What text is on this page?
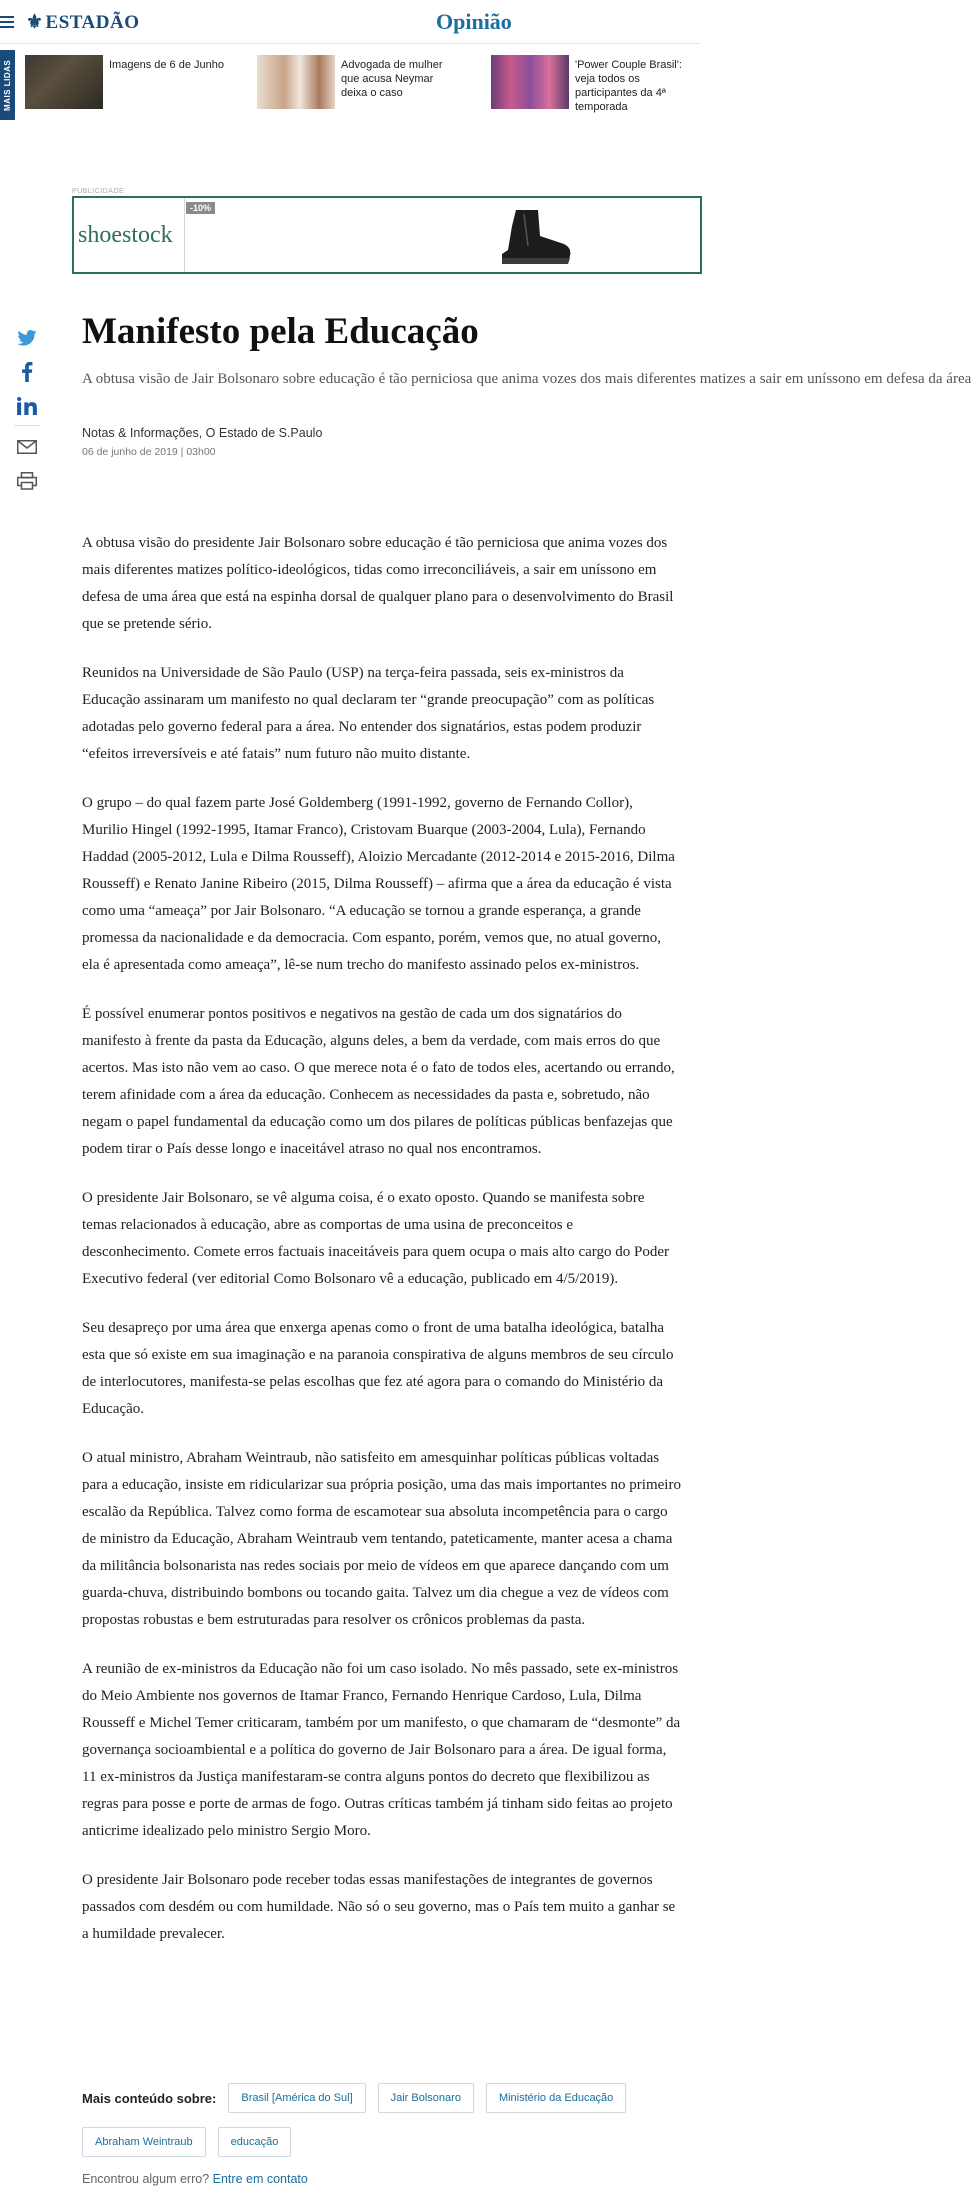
⚜ ESTADÃO	Opinião
MAIS LIDAS	Imagens de 6 de Junho	Advogada de mulher que acusa Neymar deixa o caso
'Power Couple Brasil': veja todos os participantes da 4ª temporada
PUBLICIDADE
shoestock
-10%
Manifesto pela Educação
A obtusa visão de Jair Bolsonaro sobre educação é tão perniciosa que anima vozes dos mais diferentes matizes a sair em uníssono em defesa da área
Notas & Informações, O Estado de S.Paulo
06 de junho de 2019 | 03h00

A obtusa visão do presidente Jair Bolsonaro sobre educação é tão perniciosa que anima vozes dos mais diferentes matizes político-ideológicos, tidas como irreconciliáveis, a sair em uníssono em defesa de uma área que está na espinha dorsal de qualquer plano para o desenvolvimento do Brasil que se pretende sério.

Reunidos na Universidade de São Paulo (USP) na terça-feira passada, seis ex-ministros da Educação assinaram um manifesto no qual declaram ter “grande preocupação” com as políticas adotadas pelo governo federal para a área. No entender dos signatários, estas podem produzir “efeitos irreversíveis e até fatais” num futuro não muito distante.

O grupo – do qual fazem parte José Goldemberg (1991-1992, governo de Fernando Collor), Murilio Hingel (1992-1995, Itamar Franco), Cristovam Buarque (2003-2004, Lula), Fernando Haddad (2005-2012, Lula e Dilma Rousseff), Aloizio Mercadante (2012-2014 e 2015-2016, Dilma Rousseff) e Renato Janine Ribeiro (2015, Dilma Rousseff) – afirma que a área da educação é vista como uma “ameaça” por Jair Bolsonaro. “A educação se tornou a grande esperança, a grande promessa da nacionalidade e da democracia. Com espanto, porém, vemos que, no atual governo, ela é apresentada como ameaça”, lê-se num trecho do manifesto assinado pelos ex-ministros.

É possível enumerar pontos positivos e negativos na gestão de cada um dos signatários do manifesto à frente da pasta da Educação, alguns deles, a bem da verdade, com mais erros do que acertos. Mas isto não vem ao caso. O que merece nota é o fato de todos eles, acertando ou errando, terem afinidade com a área da educação. Conhecem as necessidades da pasta e, sobretudo, não negam o papel fundamental da educação como um dos pilares de políticas públicas benfazejas que podem tirar o País desse longo e inaceitável atraso no qual nos encontramos.

O presidente Jair Bolsonaro, se vê alguma coisa, é o exato oposto. Quando se manifesta sobre temas relacionados à educação, abre as comportas de uma usina de preconceitos e desconhecimento. Comete erros factuais inaceitáveis para quem ocupa o mais alto cargo do Poder Executivo federal (ver editorial Como Bolsonaro vê a educação, publicado em 4/5/2019).

Seu desapreço por uma área que enxerga apenas como o front de uma batalha ideológica, batalha esta que só existe em sua imaginação e na paranoia conspirativa de alguns membros de seu círculo de interlocutores, manifesta-se pelas escolhas que fez até agora para o comando do Ministério da Educação.

O atual ministro, Abraham Weintraub, não satisfeito em amesquinhar políticas públicas voltadas para a educação, insiste em ridicularizar sua própria posição, uma das mais importantes no primeiro escalão da República. Talvez como forma de escamotear sua absoluta incompetência para o cargo de ministro da Educação, Abraham Weintraub vem tentando, pateticamente, manter acesa a chama da militância bolsonarista nas redes sociais por meio de vídeos em que aparece dançando com um guarda-chuva, distribuindo bombons ou tocando gaita. Talvez um dia chegue a vez de vídeos com propostas robustas e bem estruturadas para resolver os crônicos problemas da pasta.

A reunião de ex-ministros da Educação não foi um caso isolado. No mês passado, sete ex-ministros do Meio Ambiente nos governos de Itamar Franco, Fernando Henrique Cardoso, Lula, Dilma Rousseff e Michel Temer criticaram, também por um manifesto, o que chamaram de “desmonte” da governança socioambiental e a política do governo de Jair Bolsonaro para a área. De igual forma, 11 ex-ministros da Justiça manifestaram-se contra alguns pontos do decreto que flexibilizou as regras para posse e porte de armas de fogo. Outras críticas também já tinham sido feitas ao projeto anticrime idealizado pelo ministro Sergio Moro.

O presidente Jair Bolsonaro pode receber todas essas manifestações de integrantes de governos passados com desdém ou com humildade. Não só o seu governo, mas o País tem muito a ganhar se a humildade prevalecer.

Mais conteúdo sobre:	Brasil [América do Sul]	Jair Bolsonaro	Ministério da Educação
Abraham Weintraub	educação
Encontrou algum erro? Entre em contato
